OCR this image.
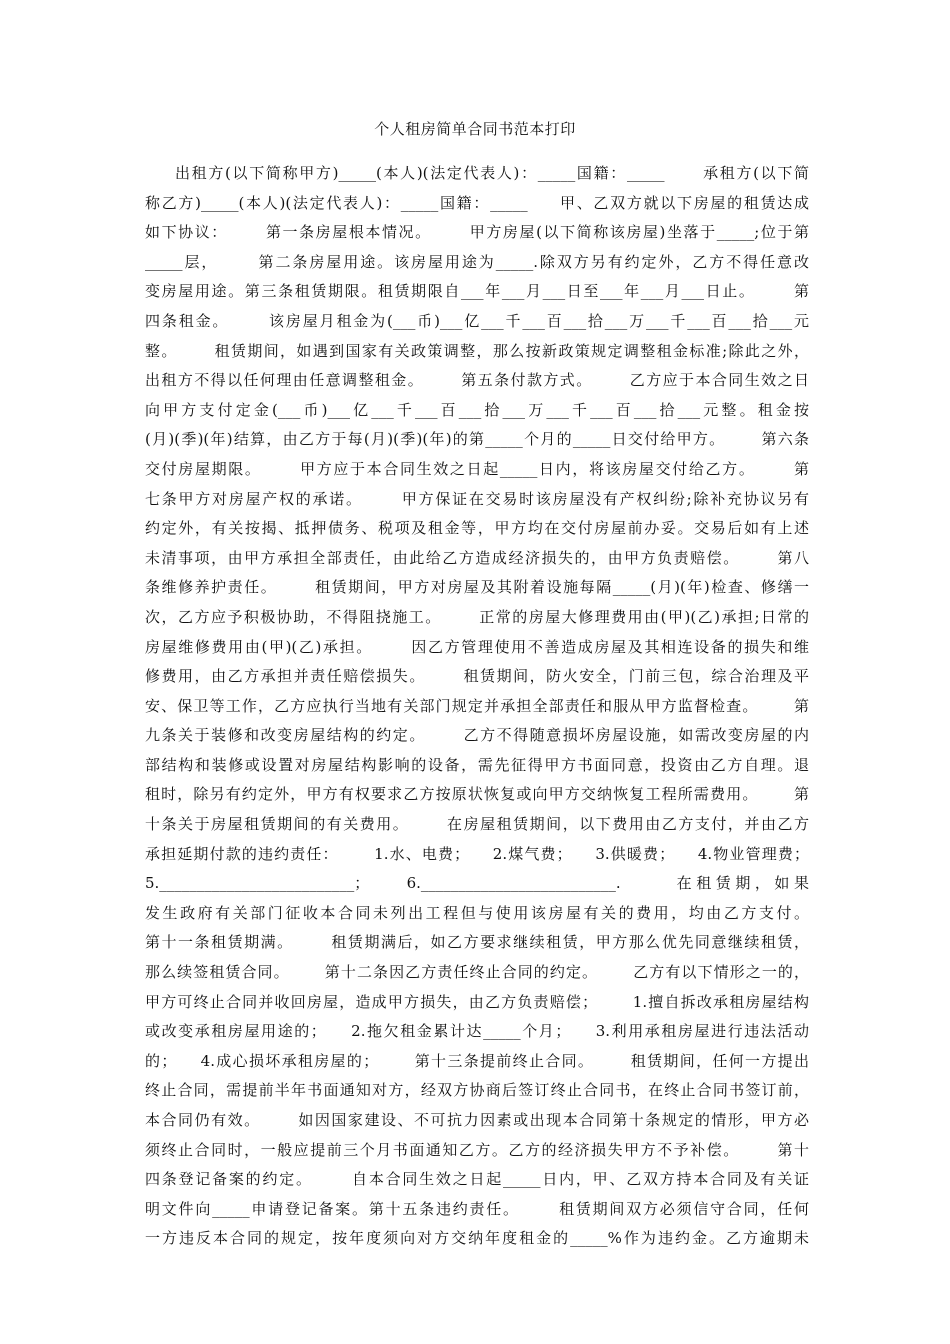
个人租房简单合同书范本打印
出租方(以下简称甲方)_____(本人)(法定代表人)：_____国籍：_____      承租方(以下简
称乙方)_____(本人)(法定代表人)：_____国籍：_____     甲、乙双方就以下房屋的租赁达成
如下协议：      第一条房屋根本情况。      甲方房屋(以下简称该房屋)坐落于_____;位于第
_____层，      第二条房屋用途。该房屋用途为_____.除双方另有约定外，乙方不得任意改
变房屋用途。第三条租赁期限。租赁期限自___年___月___日至___年___月___日止。      第
四条租金。      该房屋月租金为(___币)___亿___千___百___拾___万___千___百___拾___元
整。      租赁期间，如遇到国家有关政策调整，那么按新政策规定调整租金标准;除此之外，
出租方不得以任何理由任意调整租金。      第五条付款方式。      乙方应于本合同生效之日
向甲方支付定金(___币)___亿___千___百___拾___万___千___百___拾___元整。租金按
(月)(季)(年)结算，由乙方于每(月)(季)(年)的第_____个月的_____日交付给甲方。      第六条
交付房屋期限。      甲方应于本合同生效之日起_____日内，将该房屋交付给乙方。      第
七条甲方对房屋产权的承诺。      甲方保证在交易时该房屋没有产权纠纷;除补充协议另有
约定外，有关按揭、抵押债务、税项及租金等，甲方均在交付房屋前办妥。交易后如有上述
未清事项，由甲方承担全部责任，由此给乙方造成经济损失的，由甲方负责赔偿。      第八
条维修养护责任。      租赁期间，甲方对房屋及其附着设施每隔_____(月)(年)检查、修缮一
次，乙方应予积极协助，不得阻挠施工。      正常的房屋大修理费用由(甲)(乙)承担;日常的
房屋维修费用由(甲)(乙)承担。      因乙方管理使用不善造成房屋及其相连设备的损失和维
修费用，由乙方承担并责任赔偿损失。      租赁期间，防火安全，门前三包，综合治理及平
安、保卫等工作，乙方应执行当地有关部门规定并承担全部责任和服从甲方监督检查。      第
九条关于装修和改变房屋结构的约定。      乙方不得随意损坏房屋设施，如需改变房屋的内
部结构和装修或设置对房屋结构影响的设备，需先征得甲方书面同意，投资由乙方自理。退
租时，除另有约定外，甲方有权要求乙方按原状恢复或向甲方交纳恢复工程所需费用。      第
十条关于房屋租赁期间的有关费用。      在房屋租赁期间，以下费用由乙方支付，并由乙方
承担延期付款的违约责任：      1.水、电费；    2.煤气费；    3.供暖费；    4.物业管理费；
5.__________________________；    6.__________________________.      在租赁期，如果
发生政府有关部门征收本合同未列出工程但与使用该房屋有关的费用，均由乙方支付。
第十一条租赁期满。      租赁期满后，如乙方要求继续租赁，甲方那么优先同意继续租赁，
那么续签租赁合同。      第十二条因乙方责任终止合同的约定。      乙方有以下情形之一的，
甲方可终止合同并收回房屋，造成甲方损失，由乙方负责赔偿；      1.擅自拆改承租房屋结构
或改变承租房屋用途的；    2.拖欠租金累计达_____个月；    3.利用承租房屋进行违法活动
的；    4.成心损坏承租房屋的；      第十三条提前终止合同。      租赁期间，任何一方提出
终止合同，需提前半年书面通知对方，经双方协商后签订终止合同书，在终止合同书签订前，
本合同仍有效。      如因国家建设、不可抗力因素或出现本合同第十条规定的情形，甲方必
须终止合同时，一般应提前三个月书面通知乙方。乙方的经济损失甲方不予补偿。      第十
四条登记备案的约定。      自本合同生效之日起_____日内，甲、乙双方持本合同及有关证
明文件向_____申请登记备案。第十五条违约责任。      租赁期间双方必须信守合同，任何
一方违反本合同的规定，按年度须向对方交纳年度租金的_____%作为违约金。乙方逾期未
